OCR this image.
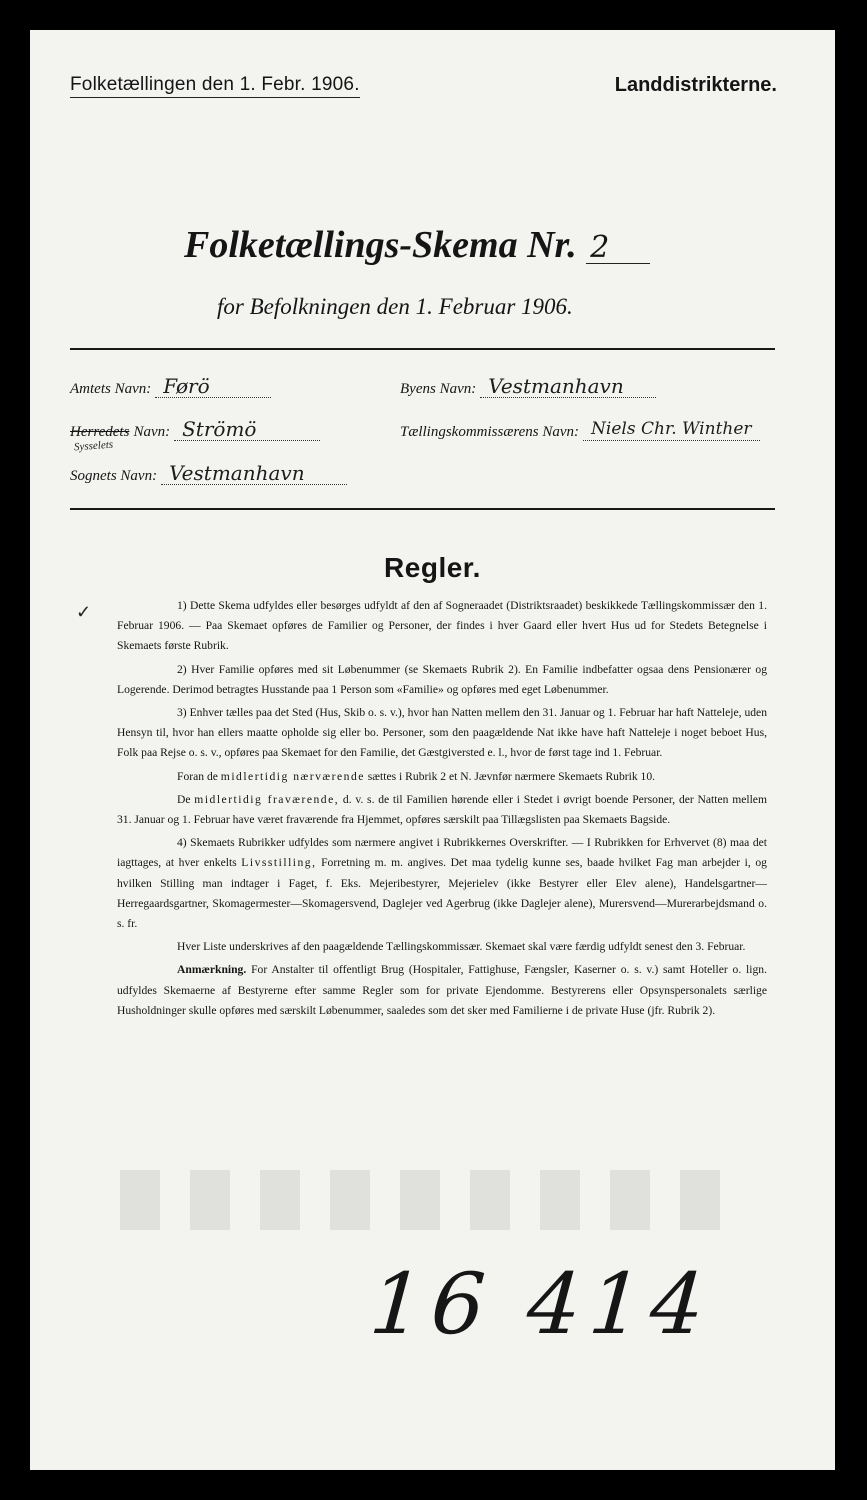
Folketællingen den 1. Febr. 1906.	Landdistrikterne.
Folketællings-Skema Nr. 2
for Befolkningen den 1. Februar 1906.
Amtets Navn: Førö	Byens Navn: Vestmanhavn
Sysselets
Herredets Navn: Strömö	Tællingskommissærens Navn: Niels Chr. Winther
Sognets Navn: Vestmanhavn
Regler.
✓	1) Dette Skema udfyldes eller besørges udfyldt af den af Sogneraadet (Distriktsraadet) beskikkede Tællingskommissær den 1. Februar 1906. — Paa Skemaet opføres de Familier og Personer, der findes i hver Gaard eller hvert Hus ud for Stedets Betegnelse i Skemaets første Rubrik.

2) Hver Familie opføres med sit Løbenummer (se Skemaets Rubrik 2). En Familie indbefatter ogsaa dens Pensionærer og Logerende. Derimod betragtes Husstande paa 1 Person som «Familie» og opføres med eget Løbenummer.

3) Enhver tælles paa det Sted (Hus, Skib o. s. v.), hvor han Natten mellem den 31. Januar og 1. Februar har haft Natteleje, uden Hensyn til, hvor han ellers maatte opholde sig eller bo. Personer, som den paagældende Nat ikke have haft Natteleje i noget beboet Hus, Folk paa Rejse o. s. v., opføres paa Skemaet for den Familie, det Gæstgiversted e. l., hvor de først tage ind 1. Februar.

Foran de midlertidig nærværende sættes i Rubrik 2 et N. Jævnfør nærmere Skemaets Rubrik 10.

De midlertidig fraværende, d. v. s. de til Familien hørende eller i Stedet i øvrigt boende Personer, der Natten mellem 31. Januar og 1. Februar have været fraværende fra Hjemmet, opføres særskilt paa Tillægslisten paa Skemaets Bagside.

4) Skemaets Rubrikker udfyldes som nærmere angivet i Rubrikkernes Overskrifter. — I Rubrikken for Erhvervet (8) maa det iagttages, at hver enkelts Livsstilling, Forretning m. m. angives. Det maa tydelig kunne ses, baade hvilket Fag man arbejder i, og hvilken Stilling man indtager i Faget, f. Eks. Mejeribestyrer, Mejerielev (ikke Bestyrer eller Elev alene), Handelsgartner—Herregaardsgartner, Skomagermester—Skomagersvend, Daglejer ved Agerbrug (ikke Daglejer alene), Murersvend—Murerarbejdsmand o. s. fr.

Hver Liste underskrives af den paagældende Tællingskommissær. Skemaet skal være færdig udfyldt senest den 3. Februar.

Anmærkning. For Anstalter til offentligt Brug (Hospitaler, Fattighuse, Fængsler, Kaserner o. s. v.) samt Hoteller o. lign. udfyldes Skemaerne af Bestyrerne efter samme Regler som for private Ejendomme. Bestyrerens eller Opsynspersonalets særlige Husholdninger skulle opføres med særskilt Løbenummer, saaledes som det sker med Familierne i de private Huse (jfr. Rubrik 2).

16 414
